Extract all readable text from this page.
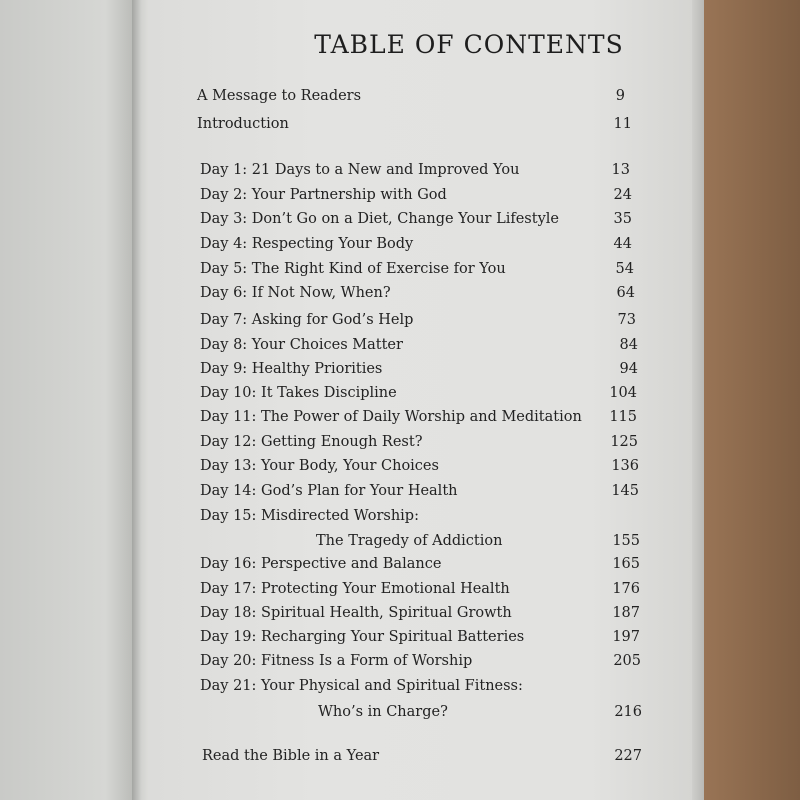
TABLE OF CONTENTS
A Message to Readers	9
Introduction	11
Day 1: 21 Days to a New and Improved You	13
Day 2: Your Partnership with God	24
Day 3: Don’t Go on a Diet, Change Your Lifestyle	35
Day 4: Respecting Your Body	44
Day 5: The Right Kind of Exercise for You	54
Day 6: If Not Now, When?	64
Day 7: Asking for God’s Help	73
Day 8: Your Choices Matter	84
Day 9: Healthy Priorities	94
Day 10: It Takes Discipline	104
Day 11: The Power of Daily Worship and Meditation	115
Day 12: Getting Enough Rest?	125
Day 13: Your Body, Your Choices	136
Day 14: God’s Plan for Your Health	145
Day 15: Misdirected Worship:
The Tragedy of Addiction	155
Day 16: Perspective and Balance	165
Day 17: Protecting Your Emotional Health	176
Day 18: Spiritual Health, Spiritual Growth	187
Day 19: Recharging Your Spiritual Batteries	197
Day 20: Fitness Is a Form of Worship	205
Day 21: Your Physical and Spiritual Fitness:
Who’s in Charge?	216
Read the Bible in a Year	227
